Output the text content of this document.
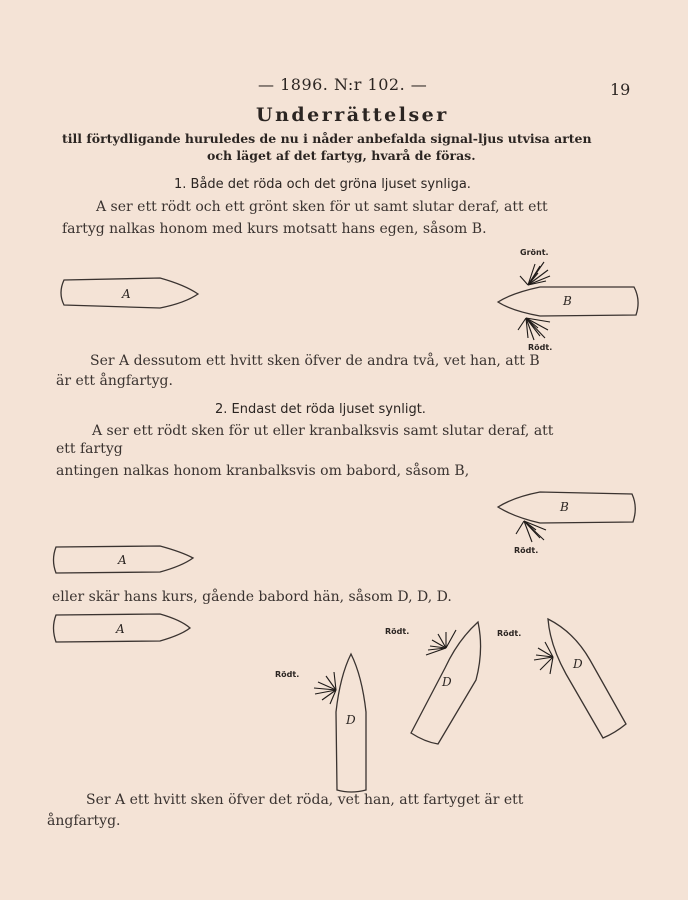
— 1896. N:r 102. —	19
Underrättelser
till förtydligande huruledes de nu i nåder anbefalda signal-ljus utvisa arten
och läget af det fartyg, hvarå de föras.
1. Både det röda och det gröna ljuset synliga.
A ser ett rödt och ett grönt sken för ut samt slutar deraf, att ett
fartyg nalkas honom med kurs motsatt hans egen, såsom B.
Grönt.
Rödt.
Ser A dessutom ett hvitt sken öfver de andra två, vet han, att B
är ett ångfartyg.
2. Endast det röda ljuset synligt.
A ser ett rödt sken för ut eller kranbalksvis samt slutar deraf, att
ett fartyg
antingen nalkas honom kranbalksvis om babord, såsom B,
Rödt.
eller skär hans kurs, gående babord hän, såsom D, D, D.
Rödt.	Rödt.
Rödt.
Ser A ett hvitt sken öfver det röda, vet han, att fartyget är ett
ångfartyg.
A	B
B
A
A
D
D
D
